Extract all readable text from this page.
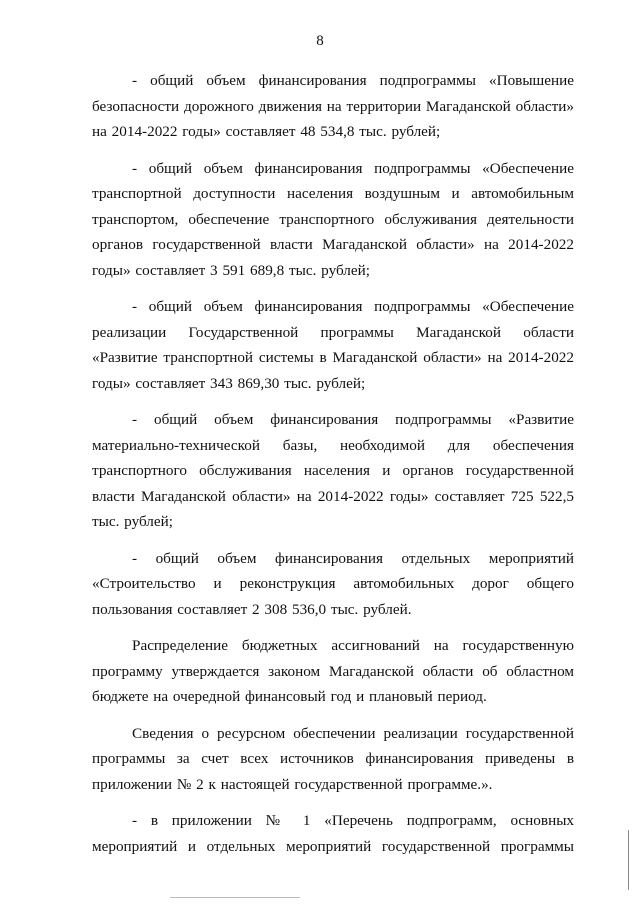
8

- общий объем финансирования подпрограммы «Повышение безопасности дорожного движения на территории Магаданской области» на 2014-2022 годы» составляет 48 534,8 тыс. рублей;

- общий объем финансирования подпрограммы «Обеспечение транспортной доступности населения воздушным и автомобильным транспортом, обеспечение транспортного обслуживания деятельности органов государственной власти Магаданской области» на 2014-2022 годы» составляет 3 591 689,8 тыс. рублей;

- общий объем финансирования подпрограммы «Обеспечение реализации Государственной программы Магаданской области «Развитие транспортной системы в Магаданской области» на 2014-2022 годы» составляет 343 869,30 тыс. рублей;

- общий объем финансирования подпрограммы «Развитие материально-технической базы, необходимой для обеспечения транспортного обслуживания населения и органов государственной власти Магаданской области» на 2014-2022 годы» составляет 725 522,5 тыс. рублей;

- общий объем финансирования отдельных мероприятий «Строительство и реконструкция автомобильных дорог общего пользования составляет 2 308 536,0 тыс. рублей.

Распределение бюджетных ассигнований на государственную программу утверждается законом Магаданской области об областном бюджете на очередной финансовый год и плановый период.

Сведения о ресурсном обеспечении реализации государственной программы за счет всех источников финансирования приведены в приложении № 2 к настоящей государственной программе.».

- в приложении № 1 «Перечень подпрограмм, основных мероприятий и отдельных мероприятий государственной программы
